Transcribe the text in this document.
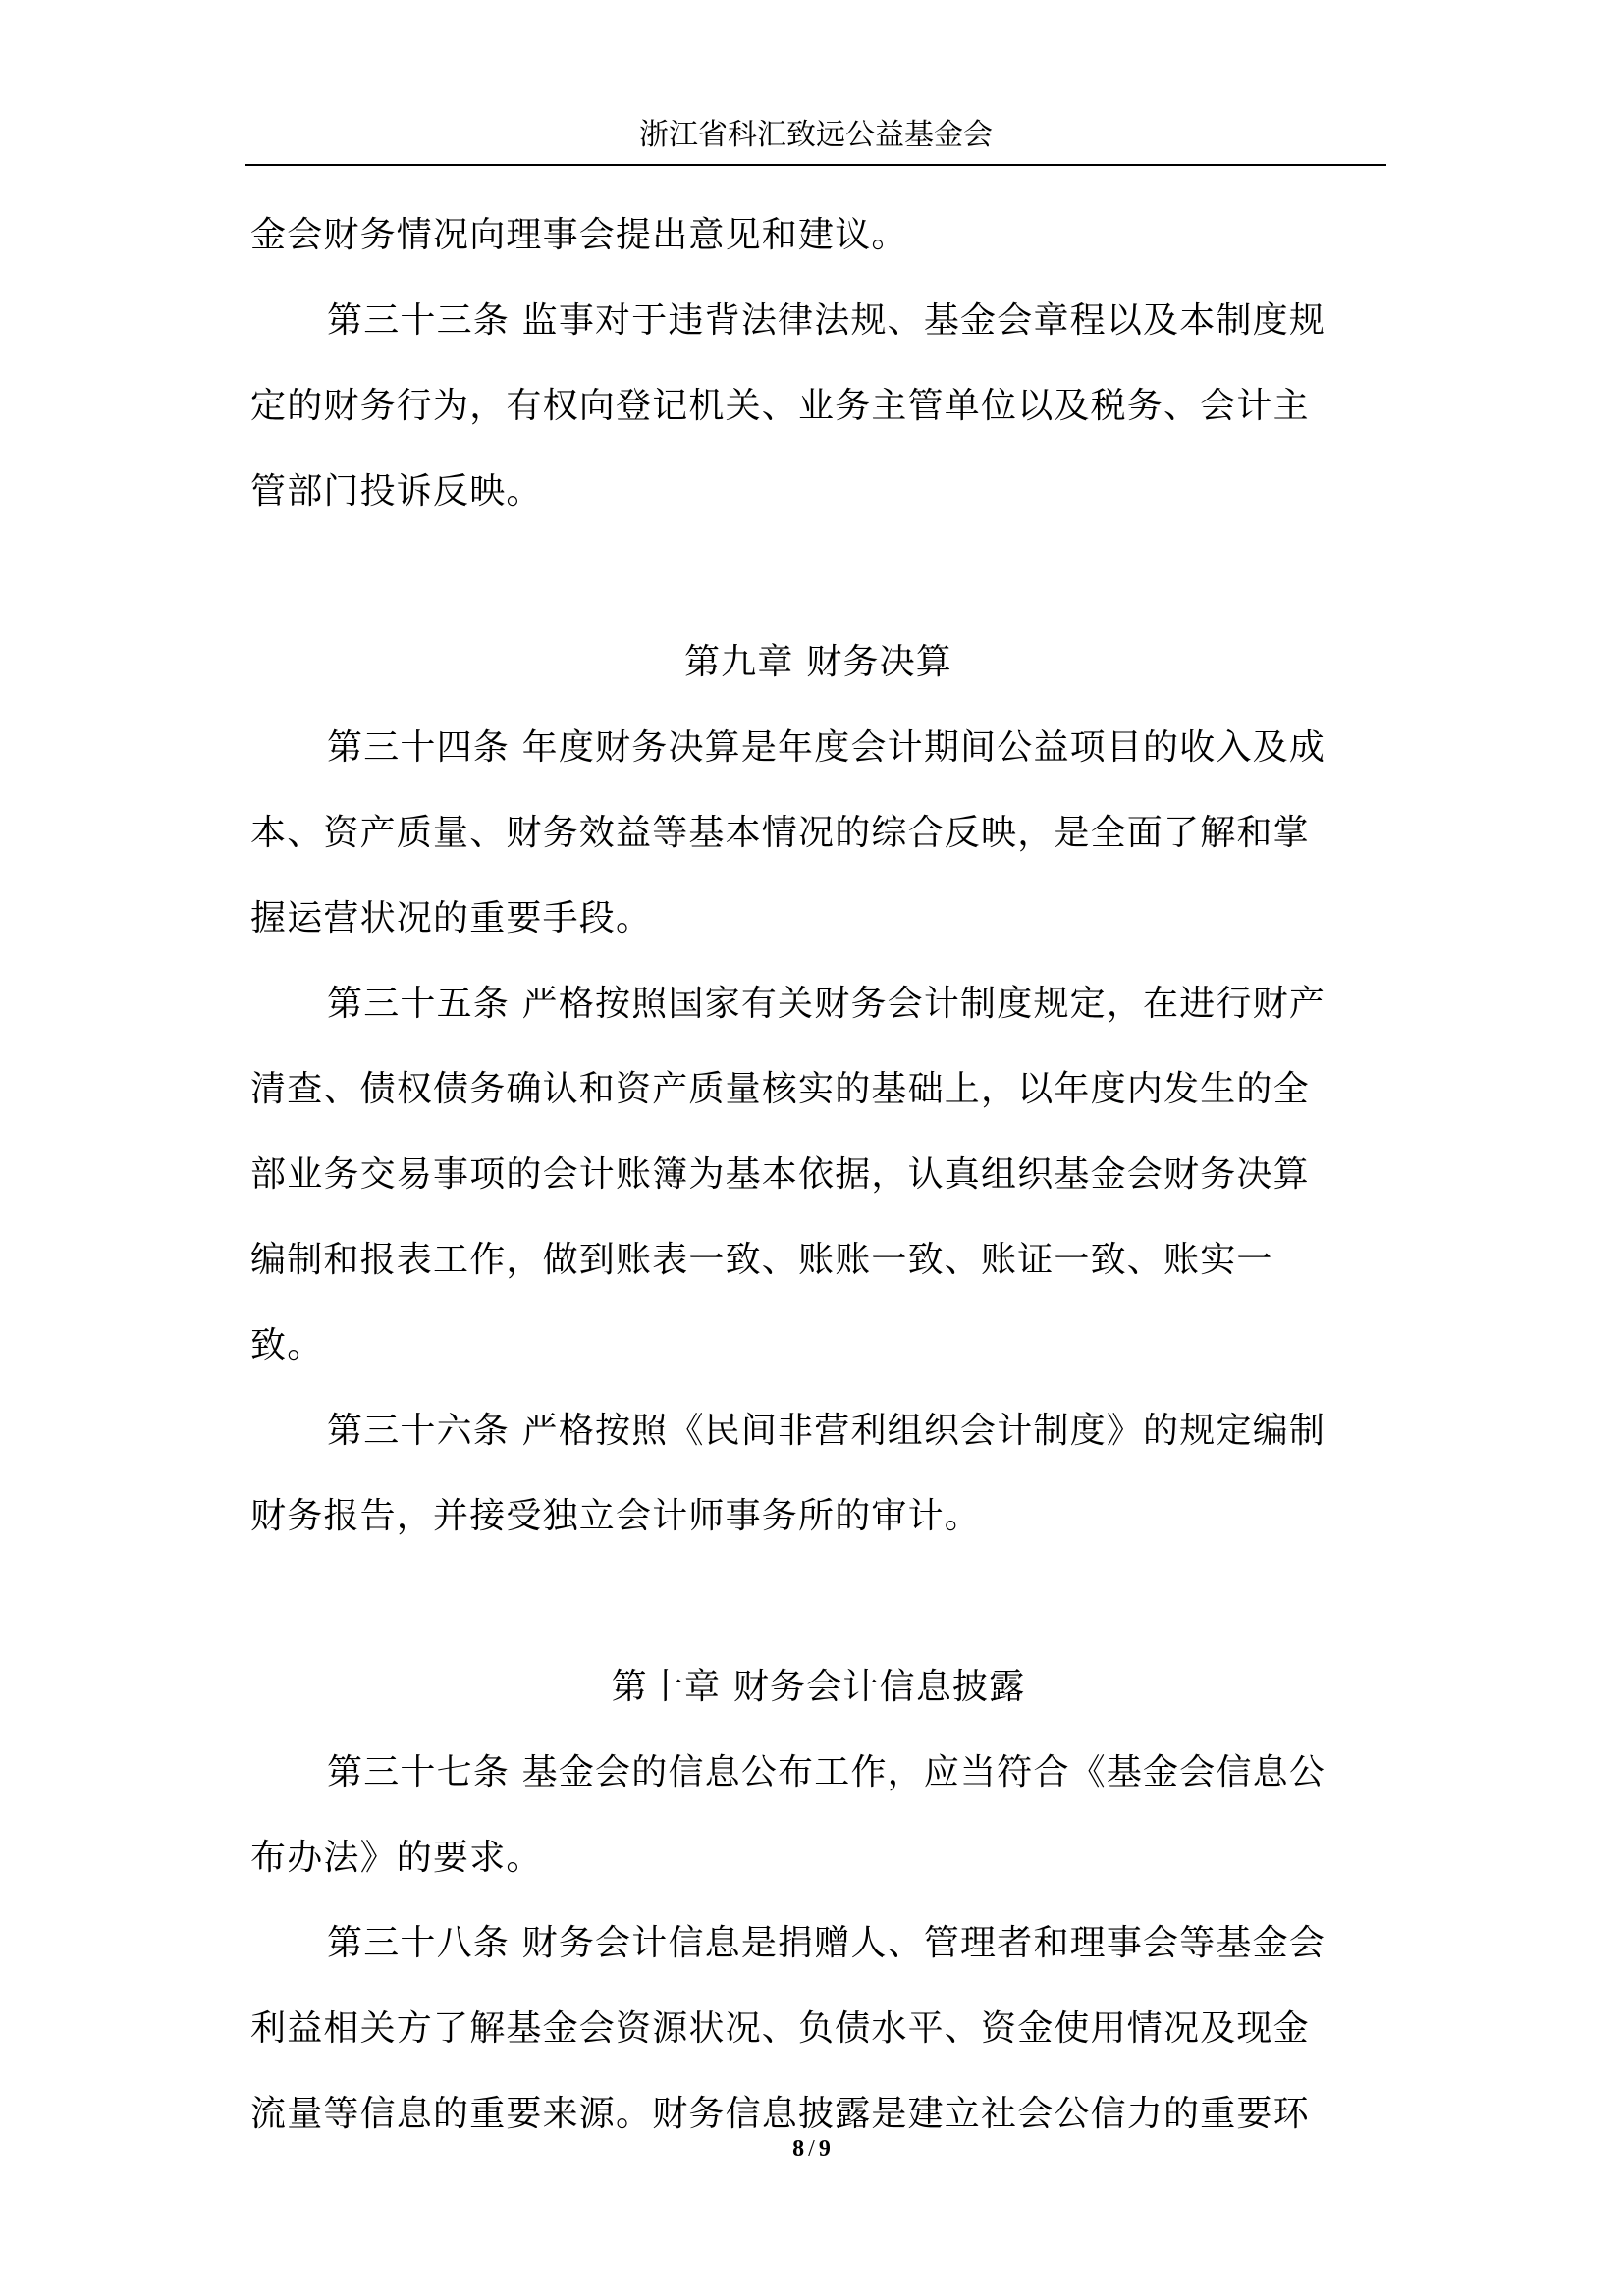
浙江省科汇致远公益基金会
金会财务情况向理事会提出意见和建议。
第三十三条 监事对于违背法律法规、基金会章程以及本制度规
定的财务行为，有权向登记机关、业务主管单位以及税务、会计主
管部门投诉反映。
第九章 财务决算
第三十四条 年度财务决算是年度会计期间公益项目的收入及成
本、资产质量、财务效益等基本情况的综合反映，是全面了解和掌
握运营状况的重要手段。
第三十五条 严格按照国家有关财务会计制度规定，在进行财产
清查、债权债务确认和资产质量核实的基础上，以年度内发生的全
部业务交易事项的会计账簿为基本依据，认真组织基金会财务决算
编制和报表工作，做到账表一致、账账一致、账证一致、账实一
致。
第三十六条 严格按照《民间非营利组织会计制度》的规定编制
财务报告，并接受独立会计师事务所的审计。
第十章 财务会计信息披露
第三十七条 基金会的信息公布工作，应当符合《基金会信息公
布办法》的要求。
第三十八条 财务会计信息是捐赠人、管理者和理事会等基金会
利益相关方了解基金会资源状况、负债水平、资金使用情况及现金
流量等信息的重要来源。财务信息披露是建立社会公信力的重要环
8 / 9
